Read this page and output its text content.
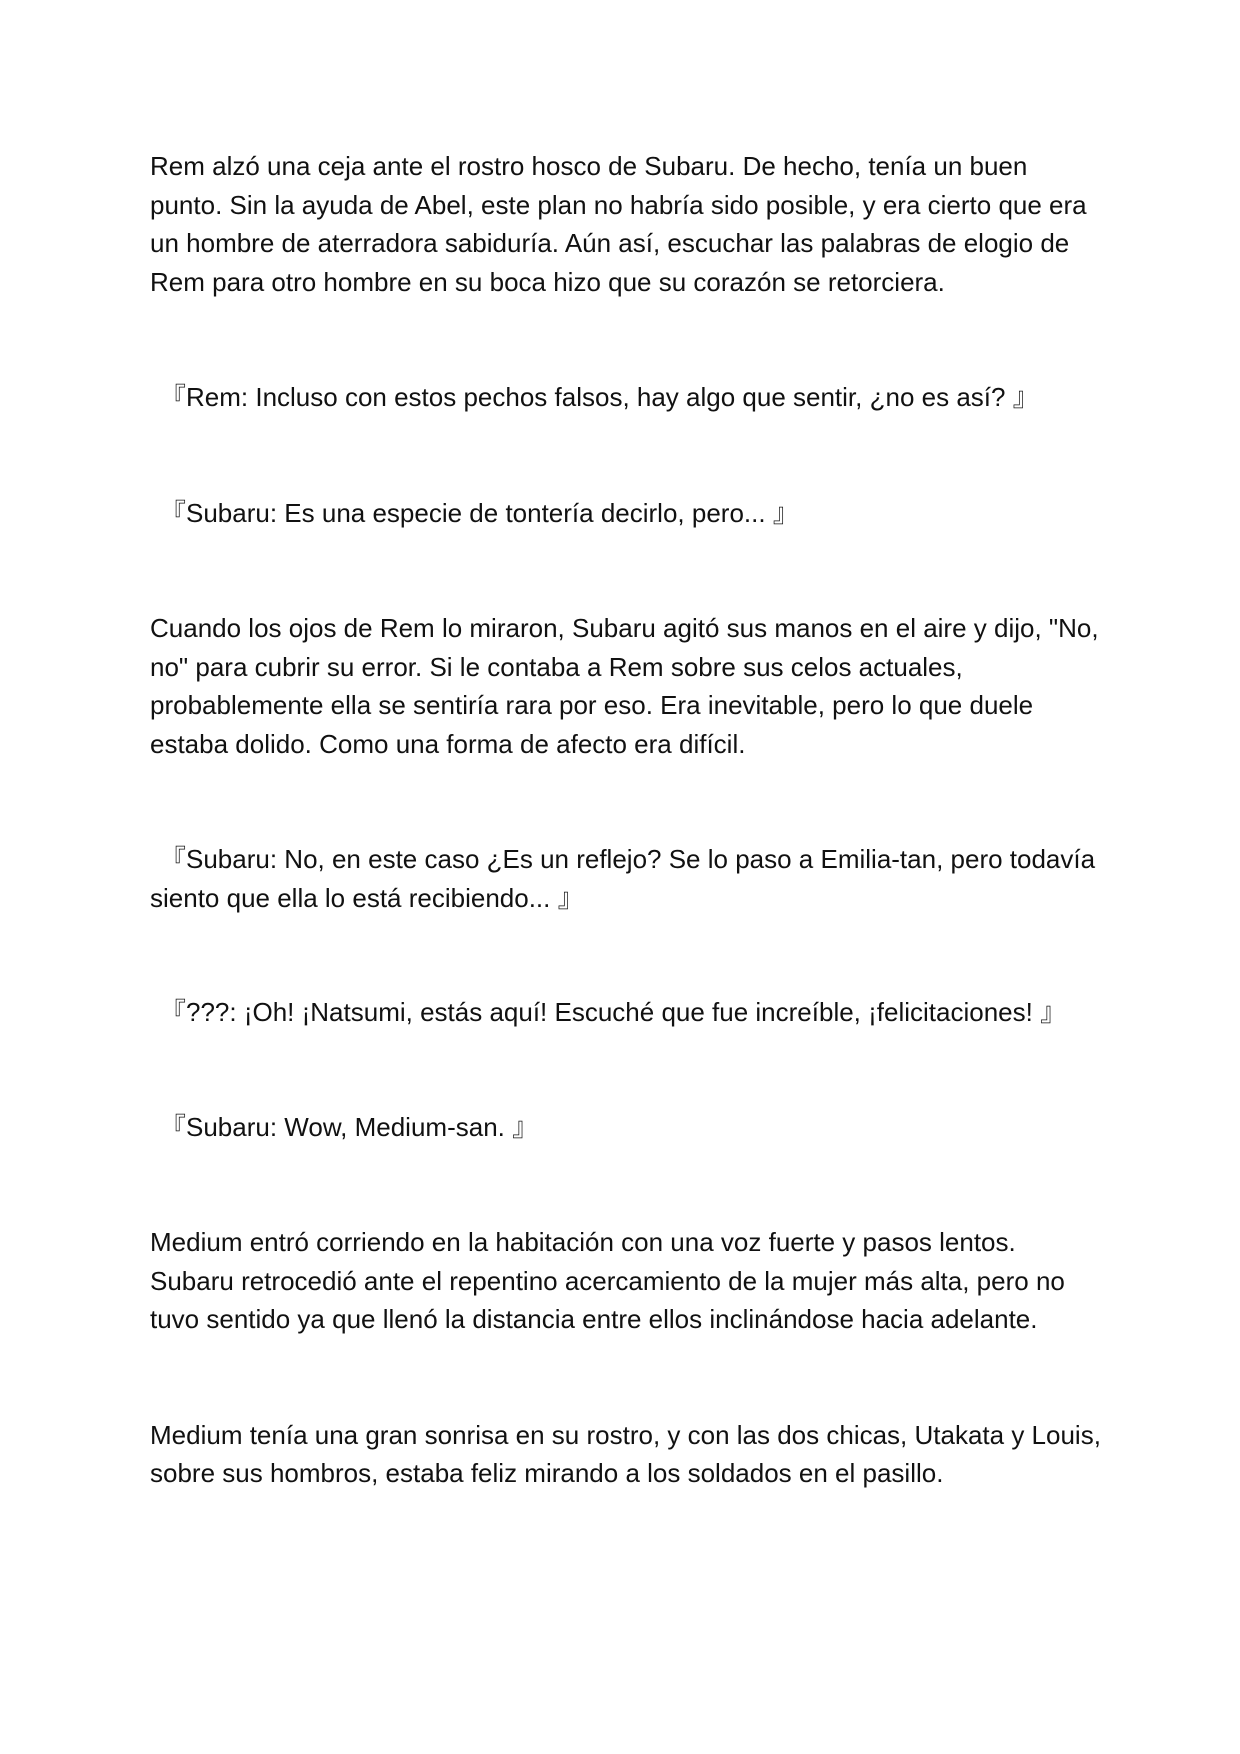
Rem alzó una ceja ante el rostro hosco de Subaru. De hecho, tenía un buen punto. Sin la ayuda de Abel, este plan no habría sido posible, y era cierto que era un hombre de aterradora sabiduría. Aún así, escuchar las palabras de elogio de Rem para otro hombre en su boca hizo que su corazón se retorciera.

『Rem: Incluso con estos pechos falsos, hay algo que sentir, ¿no es así? 』

『Subaru: Es una especie de tontería decirlo, pero... 』

Cuando los ojos de Rem lo miraron, Subaru agitó sus manos en el aire y dijo, "No, no" para cubrir su error. Si le contaba a Rem sobre sus celos actuales, probablemente ella se sentiría rara por eso. Era inevitable, pero lo que duele estaba dolido. Como una forma de afecto era difícil.

『Subaru: No, en este caso ¿Es un reflejo? Se lo paso a Emilia-tan, pero todavía siento que ella lo está recibiendo... 』

『???: ¡Oh! ¡Natsumi, estás aquí! Escuché que fue increíble, ¡felicitaciones! 』

『Subaru: Wow, Medium-san. 』

Medium entró corriendo en la habitación con una voz fuerte y pasos lentos. Subaru retrocedió ante el repentino acercamiento de la mujer más alta, pero no tuvo sentido ya que llenó la distancia entre ellos inclinándose hacia adelante.

Medium tenía una gran sonrisa en su rostro, y con las dos chicas, Utakata y Louis, sobre sus hombros, estaba feliz mirando a los soldados en el pasillo.
